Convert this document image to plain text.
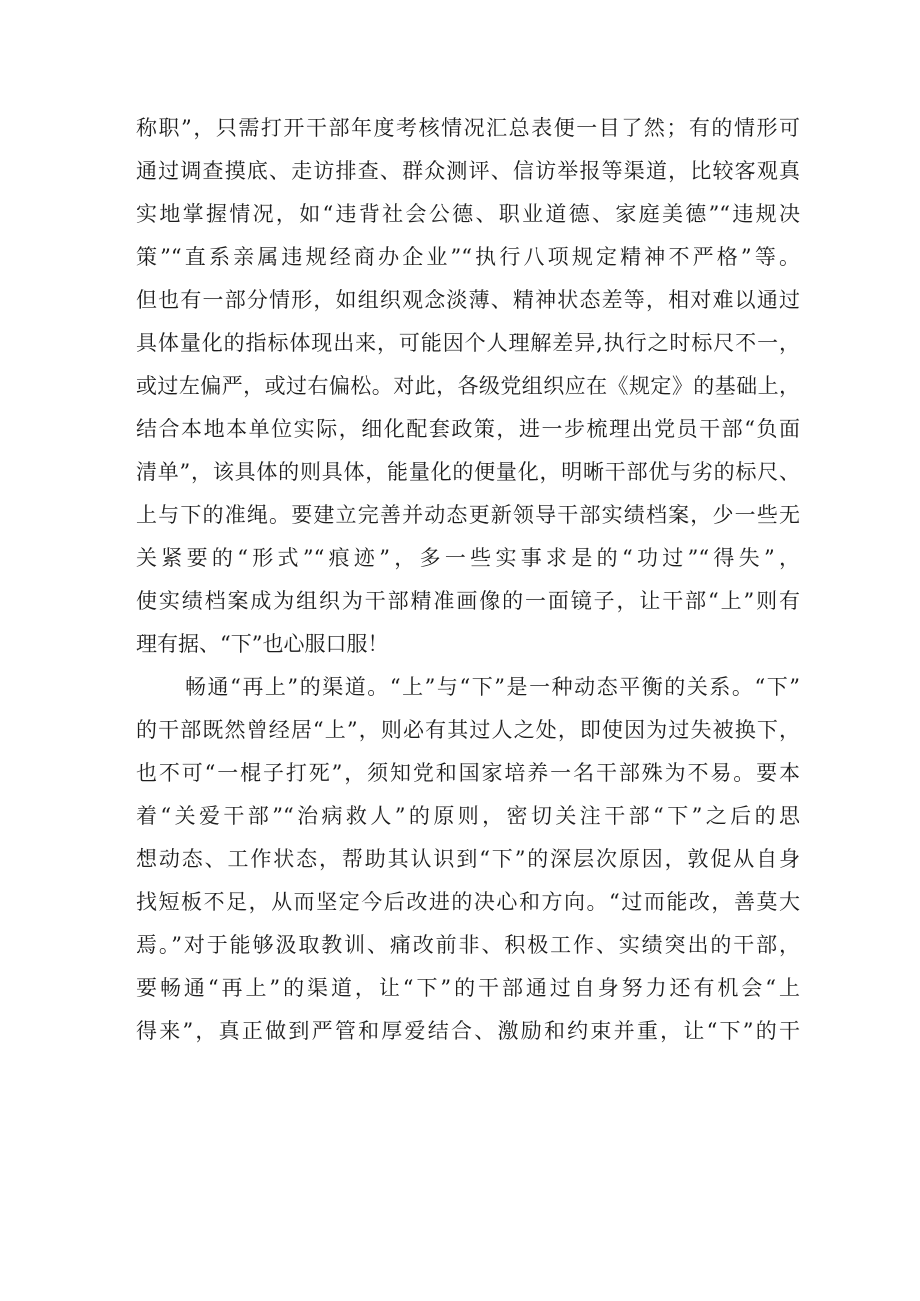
称职”，只需打开干部年度考核情况汇总表便一目了然；有的情形可

通过调查摸底、走访排查、群众测评、信访举报等渠道，比较客观真

实地掌握情况，如“违背社会公德、职业道德、家庭美德”“违规决

策”“直系亲属违规经商办企业”“执行八项规定精神不严格”等。

但也有一部分情形，如组织观念淡薄、精神状态差等，相对难以通过

具体量化的指标体现出来，可能因个人理解差异,执行之时标尺不一，

或过左偏严，或过右偏松。对此，各级党组织应在《规定》的基础上，

结合本地本单位实际，细化配套政策，进一步梳理出党员干部“负面

清单”，该具体的则具体，能量化的便量化，明晰干部优与劣的标尺、

上与下的准绳。要建立完善并动态更新领导干部实绩档案，少一些无

关紧要的“形式”“痕迹”，多一些实事求是的“功过”“得失”，

使实绩档案成为组织为干部精准画像的一面镜子，让干部“上”则有

理有据、“下”也心服口服！

畅通“再上”的渠道。“上”与“下”是一种动态平衡的关系。“下”

的干部既然曾经居“上”，则必有其过人之处，即使因为过失被换下，

也不可“一棍子打死”，须知党和国家培养一名干部殊为不易。要本

着“关爱干部”“治病救人”的原则，密切关注干部“下”之后的思

想动态、工作状态，帮助其认识到“下”的深层次原因，敦促从自身

找短板不足，从而坚定今后改进的决心和方向。“过而能改，善莫大

焉。”对于能够汲取教训、痛改前非、积极工作、实绩突出的干部，

要畅通“再上”的渠道，让“下”的干部通过自身努力还有机会“上

得来”，真正做到严管和厚爱结合、激励和约束并重，让“下”的干
